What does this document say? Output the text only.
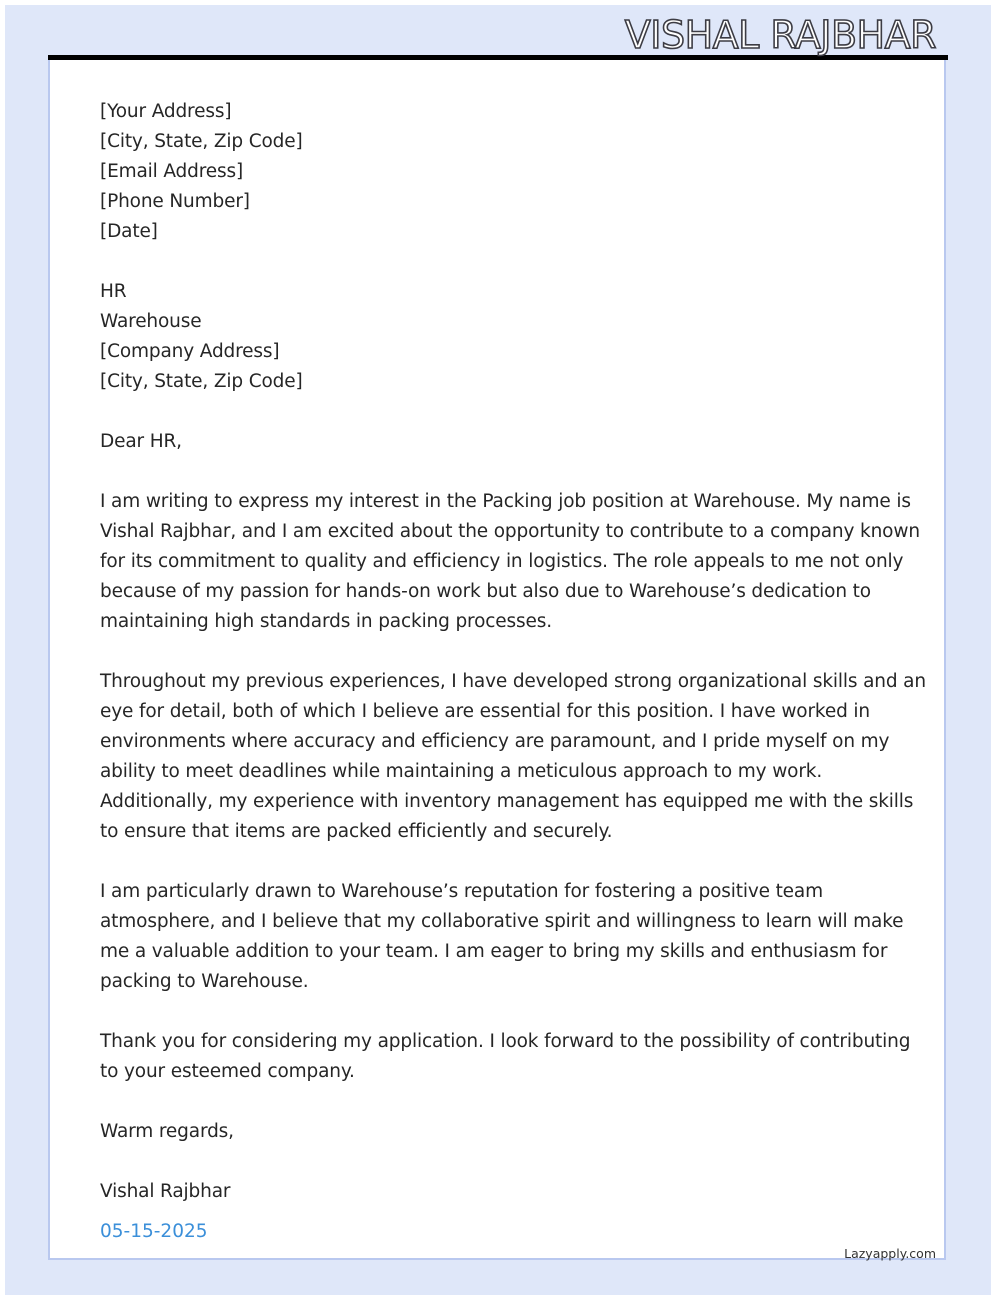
VISHAL RAJBHAR
[Your Address]
[City, State, Zip Code]
[Email Address]
[Phone Number]
[Date]
HR
Warehouse
[Company Address]
[City, State, Zip Code]
Dear HR,

I am writing to express my interest in the Packing job position at Warehouse. My name is
Vishal Rajbhar, and I am excited about the opportunity to contribute to a company known
for its commitment to quality and efficiency in logistics. The role appeals to me not only
because of my passion for hands-on work but also due to Warehouse’s dedication to
maintaining high standards in packing processes.

Throughout my previous experiences, I have developed strong organizational skills and an
eye for detail, both of which I believe are essential for this position. I have worked in
environments where accuracy and efficiency are paramount, and I pride myself on my
ability to meet deadlines while maintaining a meticulous approach to my work.
Additionally, my experience with inventory management has equipped me with the skills
to ensure that items are packed efficiently and securely.

I am particularly drawn to Warehouse’s reputation for fostering a positive team
atmosphere, and I believe that my collaborative spirit and willingness to learn will make
me a valuable addition to your team. I am eager to bring my skills and enthusiasm for
packing to Warehouse.

Thank you for considering my application. I look forward to the possibility of contributing
to your esteemed company.

Warm regards,
Vishal Rajbhar
05-15-2025
Lazyapply.com
